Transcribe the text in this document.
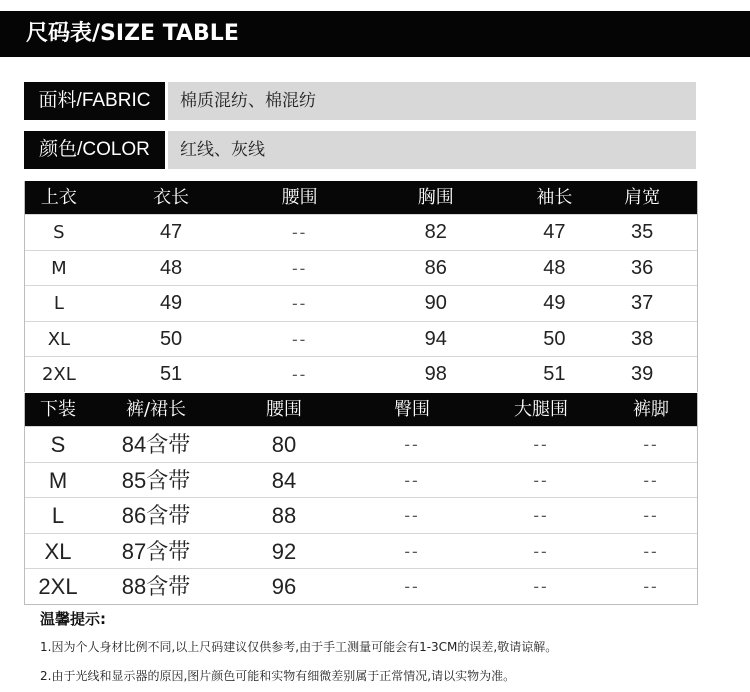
尺码表/SIZE TABLE
面料/FABRIC	棉质混纺、棉混纺
颜色/COLOR	红线、灰线
上衣	衣长	腰围	胸围	袖长	肩宽
S	47	--	82	47	35
M	48	--	86	48	36
L	49	--	90	49	37
XL	50	--	94	50	38
2XL	51	--	98	51	39
下装	裤/裙长	腰围	臀围	大腿围	裤脚
S	84含带	80	--	--	--
M	85含带	84	--	--	--
L	86含带	88	--	--	--
XL	87含带	92	--	--	--
2XL	88含带	96	--	--	--
温馨提示:
1.因为个人身材比例不同,以上尺码建议仅供参考,由于手工测量可能会有1-3CM的误差,敬请谅解。
2.由于光线和显示器的原因,图片颜色可能和实物有细微差别属于正常情况,请以实物为准。
